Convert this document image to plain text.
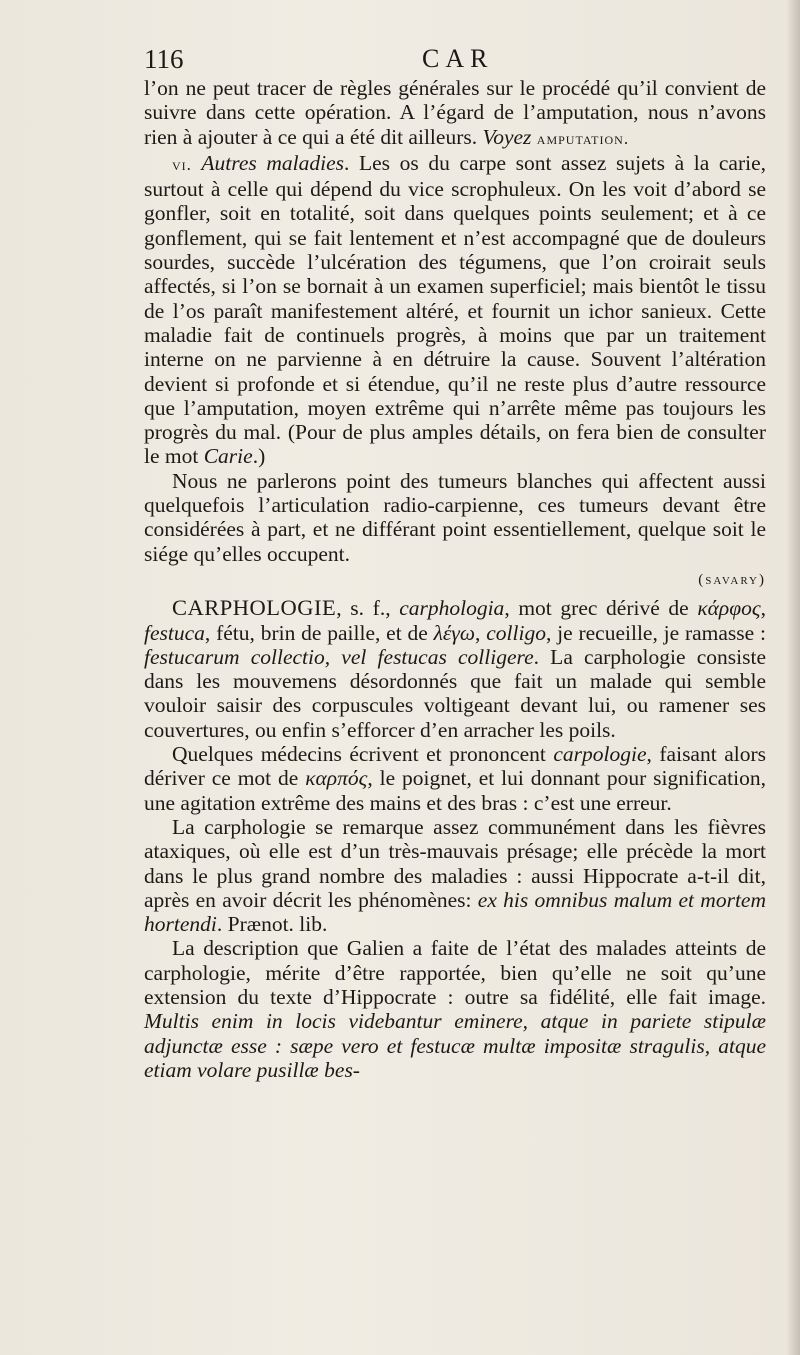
116	CAR

l’on ne peut tracer de règles générales sur le procédé qu’il convient de suivre dans cette opération. A l’égard de l’amputation, nous n’avons rien à ajouter à ce qui a été dit ailleurs. Voyez amputation.

vi. Autres maladies. Les os du carpe sont assez sujets à la carie, surtout à celle qui dépend du vice scrophuleux. On les voit d’abord se gonfler, soit en totalité, soit dans quelques points seulement; et à ce gonflement, qui se fait lentement et n’est accompagné que de douleurs sourdes, succède l’ulcération des tégumens, que l’on croirait seuls affectés, si l’on se bornait à un examen superficiel; mais bientôt le tissu de l’os paraît manifestement altéré, et fournit un ichor sanieux. Cette maladie fait de continuels progrès, à moins que par un traitement interne on ne parvienne à en détruire la cause. Souvent l’altération devient si profonde et si étendue, qu’il ne reste plus d’autre ressource que l’amputation, moyen extrême qui n’arrête même pas toujours les progrès du mal. (Pour de plus amples détails, on fera bien de consulter le mot Carie.)

Nous ne parlerons point des tumeurs blanches qui affectent aussi quelquefois l’articulation radio-carpienne, ces tumeurs devant être considérées à part, et ne différant point essentiellement, quelque soit le siége qu’elles occupent.

(savary)

CARPHOLOGIE, s. f., carphologia, mot grec dérivé de κάρφος, festuca, fétu, brin de paille, et de λέγω, colligo, je recueille, je ramasse : festucarum collectio, vel festucas colligere. La carphologie consiste dans les mouvemens désordonnés que fait un malade qui semble vouloir saisir des corpuscules voltigeant devant lui, ou ramener ses couvertures, ou enfin s’efforcer d’en arracher les poils.

Quelques médecins écrivent et prononcent carpologie, faisant alors dériver ce mot de καρπός, le poignet, et lui donnant pour signification, une agitation extrême des mains et des bras : c’est une erreur.

La carphologie se remarque assez communément dans les fièvres ataxiques, où elle est d’un très-mauvais présage; elle précède la mort dans le plus grand nombre des maladies : aussi Hippocrate a-t-il dit, après en avoir décrit les phénomènes: ex his omnibus malum et mortem hortendi. Prænot. lib.

La description que Galien a faite de l’état des malades atteints de carphologie, mérite d’être rapportée, bien qu’elle ne soit qu’une extension du texte d’Hippocrate : outre sa fidélité, elle fait image. Multis enim in locis videbantur eminere, atque in pariete stipulæ adjunctæ esse : sæpe vero et festucæ multæ impositæ stragulis, atque etiam volare pusillæ bes-
